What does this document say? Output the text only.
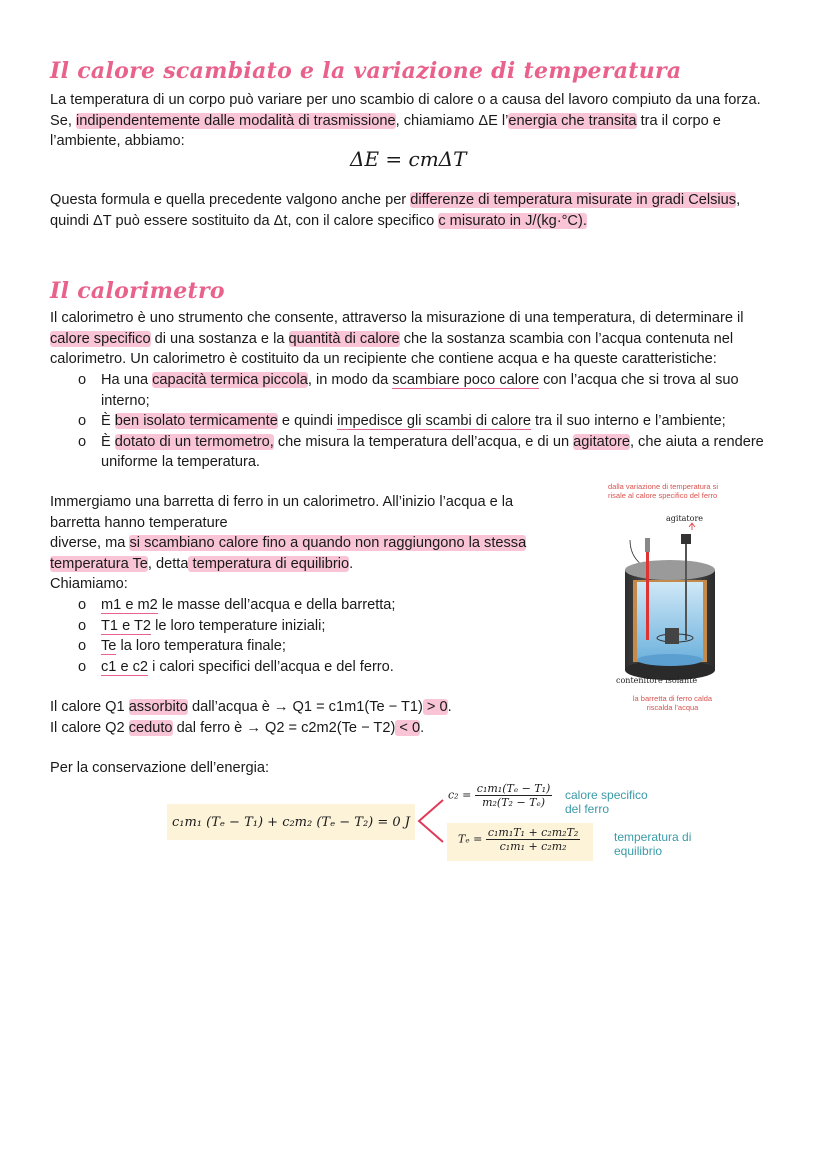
Il calore scambiato e la variazione di temperatura
La temperatura di un corpo può variare per uno scambio di calore o a causa del lavoro compiuto da una forza. Se, indipendentemente dalle modalità di trasmissione, chiamiamo ΔE l’energia che transita tra il corpo e l’ambiente, abbiamo:
ΔE = cmΔT
Questa formula e quella precedente valgono anche per differenze di temperatura misurate in gradi Celsius, quindi ΔT può essere sostituito da Δt, con il calore specifico c misurato in J/(kg·°C).
Il calorimetro
Il calorimetro è uno strumento che consente, attraverso la misurazione di una temperatura, di determinare il calore specifico di una sostanza e la quantità di calore che la sostanza scambia con l’acqua contenuta nel calorimetro. Un calorimetro è costituito da un recipiente che contiene acqua e ha queste caratteristiche:
o Ha una capacità termica piccola, in modo da scambiare poco calore con l’acqua che si trova al suo interno;
o È ben isolato termicamente e quindi impedisce gli scambi di calore tra il suo interno e l’ambiente;
o È dotato di un termometro, che misura la temperatura dell’acqua, e di un agitatore, che aiuta a rendere uniforme la temperatura.
Immergiamo una barretta di ferro in un calorimetro. All’inizio l’acqua e la
barretta hanno temperature
diverse, ma si scambiano calore fino a quando non raggiungono la stessa
temperatura Te, detta temperatura di equilibrio.
Chiamiamo:
o m1 e m2 le masse dell’acqua e della barretta;
o T1 e T2 le loro temperature iniziali;
o Te la loro temperatura finale;
o c1 e c2 i calori specifici dell’acqua e del ferro.
dalla variazione di temperatura si risale al calore specifico del ferro
agitatore
contenitore isolante
la barretta di ferro calda riscalda l’acqua
Il calore Q1 assorbito dall’acqua è → Q1 = c1m1(Te − T1) > 0.
Il calore Q2 ceduto dal ferro è → Q2 = c2m2(Te − T2) < 0.
Per la conservazione dell’energia:
c₁m₁ (Tₑ − T₁) + c₂m₂ (Tₑ − T₂) = 0 J
$c_2 = \frac{\text{c₁m₁(Tₑ − T₁)}}{\text{m₂(T₂ − Tₑ)}}$ calore specifico del ferro
$T_e = \frac{\text{c₁m₁T₁ + c₂m₂T₂}}{\text{c₁m₁ + c₂m₂}}$	temperatura di equilibrio
